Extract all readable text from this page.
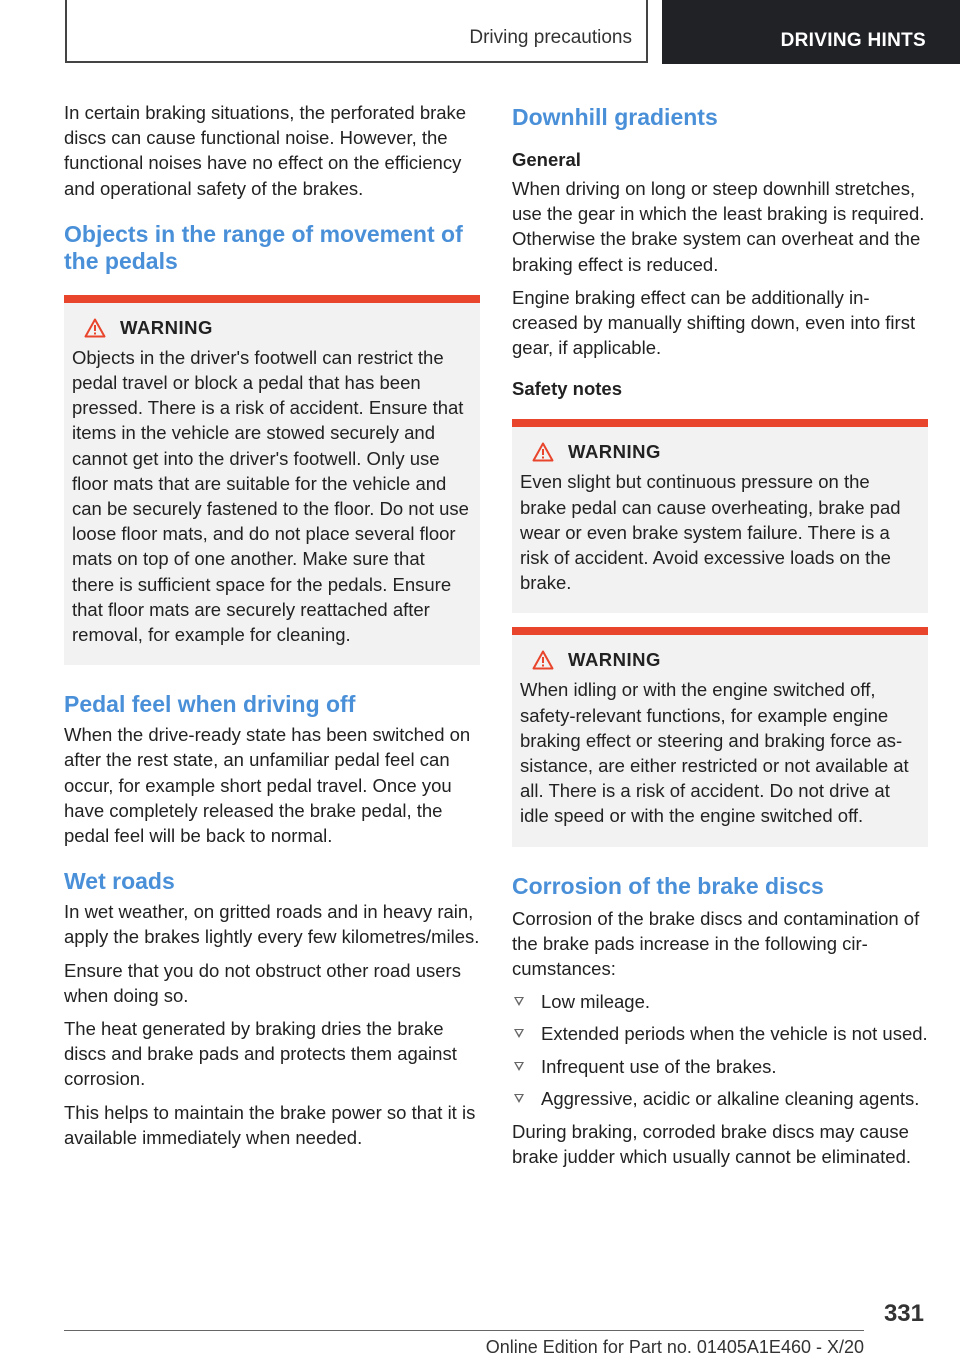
Driving precautions	DRIVING HINTS

In certain braking situations, the perforated brake discs can cause functional noise. However, the functional noises have no effect on the efficiency and operational safety of the brakes.

Objects in the range of movement of the pedals
WARNING

Objects in the driver's footwell can restrict the pedal travel or block a pedal that has been pressed. There is a risk of accident. Ensure that items in the vehicle are stowed securely and cannot get into the driver's footwell. Only use floor mats that are suitable for the vehicle and can be securely fastened to the floor. Do not use loose floor mats, and do not place several floor mats on top of one another. Make sure that there is sufficient space for the pedals. Ensure that floor mats are securely reattached after removal, for example for cleaning.

Pedal feel when driving off

When the drive-ready state has been switched on after the rest state, an unfamiliar pedal feel can occur, for example short pedal travel. Once you have completely released the brake pedal, the pedal feel will be back to normal.

Wet roads

In wet weather, on gritted roads and in heavy rain, apply the brakes lightly every few kilometres/miles.

Ensure that you do not obstruct other road users when doing so.

The heat generated by braking dries the brake discs and brake pads and protects them against corrosion.

This helps to maintain the brake power so that it is available immediately when needed.

Downhill gradients
General

When driving on long or steep downhill stretches, use the gear in which the least braking is required. Otherwise the brake system can overheat and the braking effect is reduced.

Engine braking effect can be additionally increased by manually shifting down, even into first gear, if applicable.

Safety notes
WARNING

Even slight but continuous pressure on the brake pedal can cause overheating, brake pad wear or even brake system failure. There is a risk of accident. Avoid excessive loads on the brake.

WARNING

When idling or with the engine switched off, safety-relevant functions, for example engine braking effect or steering and braking force assistance, are either restricted or not available at all. There is a risk of accident. Do not drive at idle speed or with the engine switched off.

Corrosion of the brake discs

Corrosion of the brake discs and contamination of the brake pads increase in the following circumstances:

Low mileage.
Extended periods when the vehicle is not used.
Infrequent use of the brakes.
Aggressive, acidic or alkaline cleaning agents.

During braking, corroded brake discs may cause brake judder which usually cannot be eliminated.

331
Online Edition for Part no. 01405A1E460 - X/20
